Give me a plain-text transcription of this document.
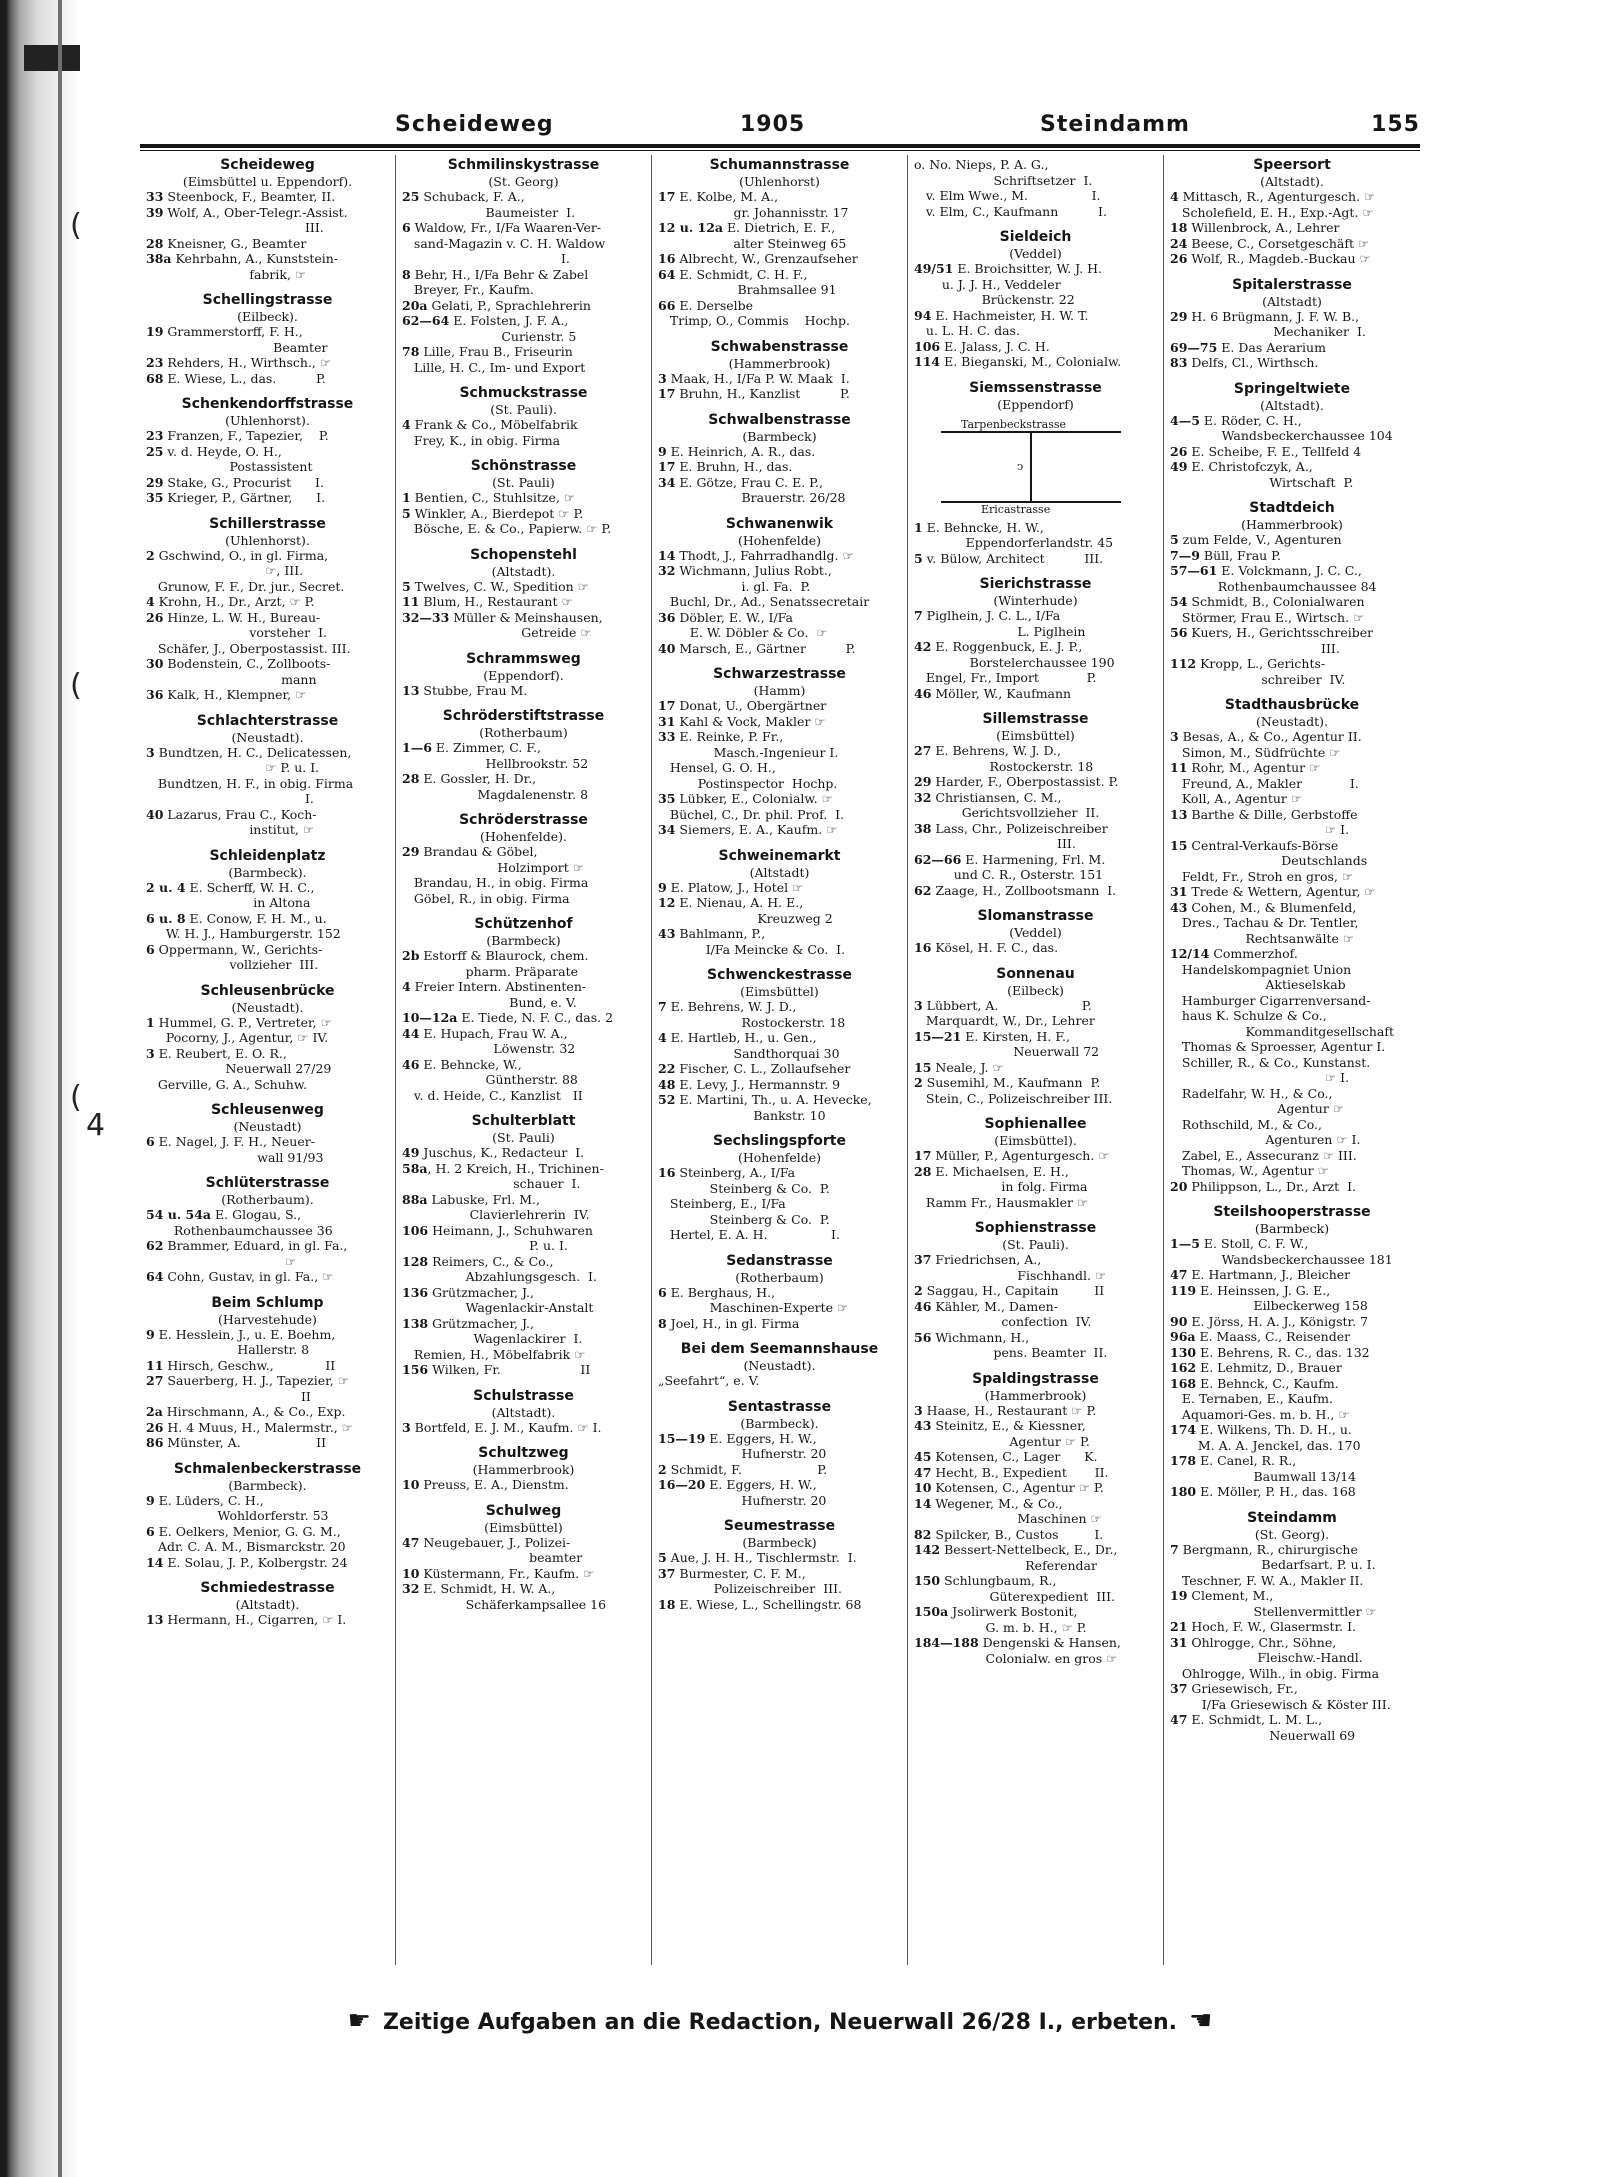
(
(
(
4
Scheideweg	1905	Steindamm	155
Scheideweg
(Eimsbüttel u. Eppendorf).
33 Steenbock, F., Beamter, II.
39 Wolf, A., Ober-Telegr.-Assist.
III.
28 Kneisner, G., Beamter
38a Kehrbahn, A., Kunststein-
fabrik, ☞
Schellingstrasse
(Eilbeck).
19 Grammerstorff, F. H.,
Beamter
23 Rehders, H., Wirthsch., ☞
68 E. Wiese, L., das.          P.
Schenkendorffstrasse
(Uhlenhorst).
23 Franzen, F., Tapezier,    P.
25 v. d. Heyde, O. H.,
Postassistent
29 Stake, G., Procurist      I.
35 Krieger, P., Gärtner,      I.
Schillerstrasse
(Uhlenhorst).
2 Gschwind, O., in gl. Firma,
☞, III.
Grunow, F. F., Dr. jur., Secret.
4 Krohn, H., Dr., Arzt, ☞ P.
26 Hinze, L. W. H., Bureau-
vorsteher  I.
Schäfer, J., Oberpostassist. III.
30 Bodenstein, C., Zollboots-
mann
36 Kalk, H., Klempner, ☞
Schlachterstrasse
(Neustadt).
3 Bundtzen, H. C., Delicatessen,
☞ P. u. I.
Bundtzen, H. F., in obig. Firma
I.
40 Lazarus, Frau C., Koch-
institut, ☞
Schleidenplatz
(Barmbeck).
2 u. 4 E. Scherff, W. H. C.,
in Altona
6 u. 8 E. Conow, F. H. M., u.
W. H. J., Hamburgerstr. 152
6 Oppermann, W., Gerichts-
vollzieher  III.
Schleusenbrücke
(Neustadt).
1 Hummel, G. P., Vertreter, ☞
Pocorny, J., Agentur, ☞ IV.
3 E. Reubert, E. O. R.,
Neuerwall 27/29
Gerville, G. A., Schuhw.
Schleusenweg
(Neustadt)
6 E. Nagel, J. F. H., Neuer-
wall 91/93
Schlüterstrasse
(Rotherbaum).
54 u. 54a E. Glogau, S.,
Rothenbaumchaussee 36
62 Brammer, Eduard, in gl. Fa.,
☞
64 Cohn, Gustav, in gl. Fa., ☞
Beim Schlump
(Harvestehude)
9 E. Hesslein, J., u. E. Boehm,
Hallerstr. 8
11 Hirsch, Geschw.,             II
27 Sauerberg, H. J., Tapezier, ☞
II
2a Hirschmann, A., & Co., Exp.
26 H. 4 Muus, H., Malermstr., ☞
86 Münster, A.                   II
Schmalenbeckerstrasse
(Barmbeck).
9 E. Lüders, C. H.,
Wohldorferstr. 53
6 E. Oelkers, Menior, G. G. M.,
Adr. C. A. M., Bismarckstr. 20
14 E. Solau, J. P., Kolbergstr. 24
Schmiedestrasse
(Altstadt).
13 Hermann, H., Cigarren, ☞ I.
Schmilinskystrasse
(St. Georg)
25 Schuback, F. A.,
Baumeister  I.
6 Waldow, Fr., I/Fa Waaren-Ver-
sand-Magazin v. C. H. Waldow
I.
8 Behr, H., I/Fa Behr & Zabel
Breyer, Fr., Kaufm.
20a Gelati, P., Sprachlehrerin
62—64 E. Folsten, J. F. A.,
Curienstr. 5
78 Lille, Frau B., Friseurin
Lille, H. C., Im- und Export
Schmuckstrasse
(St. Pauli).
4 Frank & Co., Möbelfabrik
Frey, K., in obig. Firma
Schönstrasse
(St. Pauli)
1 Bentien, C., Stuhlsitze, ☞
5 Winkler, A., Bierdepot ☞ P.
Bösche, E. & Co., Papierw. ☞ P.
Schopenstehl
(Altstadt).
5 Twelves, C. W., Spedition ☞
11 Blum, H., Restaurant ☞
32—33 Müller & Meinshausen,
Getreide ☞
Schrammsweg
(Eppendorf).
13 Stubbe, Frau M.
Schröderstiftstrasse
(Rotherbaum)
1—6 E. Zimmer, C. F.,
Hellbrookstr. 52
28 E. Gossler, H. Dr.,
Magdalenenstr. 8
Schröderstrasse
(Hohenfelde).
29 Brandau & Göbel,
Holzimport ☞
Brandau, H., in obig. Firma
Göbel, R., in obig. Firma
Schützenhof
(Barmbeck)
2b Estorff & Blaurock, chem.
pharm. Präparate
4 Freier Intern. Abstinenten-
Bund, e. V.
10—12a E. Tiede, N. F. C., das. 2
44 E. Hupach, Frau W. A.,
Löwenstr. 32
46 E. Behncke, W.,
Güntherstr. 88
v. d. Heide, C., Kanzlist   II
Schulterblatt
(St. Pauli)
49 Juschus, K., Redacteur  I.
58a, H. 2 Kreich, H., Trichinen-
schauer  I.
88a Labuske, Frl. M.,
Clavierlehrerin  IV.
106 Heimann, J., Schuhwaren
P. u. I.
128 Reimers, C., & Co.,
Abzahlungsgesch.  I.
136 Grützmacher, J.,
Wagenlackir-Anstalt
138 Grützmacher, J.,
Wagenlackirer  I.
Remien, H., Möbelfabrik ☞
156 Wilken, Fr.                    II
Schulstrasse
(Altstadt).
3 Bortfeld, E. J. M., Kaufm. ☞ I.
Schultzweg
(Hammerbrook)
10 Preuss, E. A., Dienstm.
Schulweg
(Eimsbüttel)
47 Neugebauer, J., Polizei-
beamter
10 Küstermann, Fr., Kaufm. ☞
32 E. Schmidt, H. W. A.,
Schäferkampsallee 16
Schumannstrasse
(Uhlenhorst)
17 E. Kolbe, M. A.,
gr. Johannisstr. 17
12 u. 12a E. Dietrich, E. F.,
alter Steinweg 65
16 Albrecht, W., Grenzaufseher
64 E. Schmidt, C. H. F.,
Brahmsallee 91
66 E. Derselbe
Trimp, O., Commis    Hochp.
Schwabenstrasse
(Hammerbrook)
3 Maak, H., I/Fa P. W. Maak  I.
17 Bruhn, H., Kanzlist          P.
Schwalbenstrasse
(Barmbeck)
9 E. Heinrich, A. R., das.
17 E. Bruhn, H., das.
34 E. Götze, Frau C. E. P.,
Brauerstr. 26/28
Schwanenwik
(Hohenfelde)
14 Thodt, J., Fahrradhandlg. ☞
32 Wichmann, Julius Robt.,
i. gl. Fa.  P.
Buchl, Dr., Ad., Senatssecretair
36 Döbler, E. W., I/Fa
E. W. Döbler & Co.  ☞
40 Marsch, E., Gärtner          P.
Schwarzestrasse
(Hamm)
17 Donat, U., Obergärtner
31 Kahl & Vock, Makler ☞
33 E. Reinke, P. Fr.,
Masch.-Ingenieur I.
Hensel, G. O. H.,
Postinspector  Hochp.
35 Lübker, E., Colonialw. ☞
Büchel, C., Dr. phil. Prof.  I.
34 Siemers, E. A., Kaufm. ☞
Schweinemarkt
(Altstadt)
9 E. Platow, J., Hotel ☞
12 E. Nienau, A. H. E.,
Kreuzweg 2
43 Bahlmann, P.,
I/Fa Meincke & Co.  I.
Schwenckestrasse
(Eimsbüttel)
7 E. Behrens, W. J. D.,
Rostockerstr. 18
4 E. Hartleb, H., u. Gen.,
Sandthorquai 30
22 Fischer, C. L., Zollaufseher
48 E. Levy, J., Hermannstr. 9
52 E. Martini, Th., u. A. Hevecke,
Bankstr. 10
Sechslingspforte
(Hohenfelde)
16 Steinberg, A., I/Fa
Steinberg & Co.  P.
Steinberg, E., I/Fa
Steinberg & Co.  P.
Hertel, E. A. H.                I.
Sedanstrasse
(Rotherbaum)
6 E. Berghaus, H.,
Maschinen-Experte ☞
8 Joel, H., in gl. Firma
Bei dem Seemannshause
(Neustadt).
„Seefahrt“, e. V.
Sentastrasse
(Barmbeck).
15—19 E. Eggers, H. W.,
Hufnerstr. 20
2 Schmidt, F.                   P.
16—20 E. Eggers, H. W.,
Hufnerstr. 20
Seumestrasse
(Barmbeck)
5 Aue, J. H. H., Tischlermstr.  I.
37 Burmester, C. F. M.,
Polizeischreiber  III.
18 E. Wiese, L., Schellingstr. 68
o. No. Nieps, P. A. G.,
Schriftsetzer  I.
v. Elm Wwe., M.                I.
v. Elm, C., Kaufmann          I.
Sieldeich
(Veddel)
49/51 E. Broichsitter, W. J. H.
u. J. J. H., Veddeler
Brückenstr. 22
94 E. Hachmeister, H. W. T.
u. L. H. C. das.
106 E. Jalass, J. C. H.
114 E. Bieganski, M., Colonialw.
Siemssenstrasse
(Eppendorf)
Tarpenbeckstrasse
ↄ
Ericastrasse
1 E. Behncke, H. W.,
Eppendorferlandstr. 45
5 v. Bülow, Architect          III.
Sierichstrasse
(Winterhude)
7 Piglhein, J. C. L., I/Fa
L. Piglhein
42 E. Roggenbuck, E. J. P.,
Borstelerchaussee 190
Engel, Fr., Import            P.
46 Möller, W., Kaufmann
Sillemstrasse
(Eimsbüttel)
27 E. Behrens, W. J. D.,
Rostockerstr. 18
29 Harder, F., Oberpostassist. P.
32 Christiansen, C. M.,
Gerichtsvollzieher  II.
38 Lass, Chr., Polizeischreiber
III.
62—66 E. Harmening, Frl. M.
und C. R., Osterstr. 151
62 Zaage, H., Zollbootsmann  I.
Slomanstrasse
(Veddel)
16 Kösel, H. F. C., das.
Sonnenau
(Eilbeck)
3 Lübbert, A.                     P.
Marquardt, W., Dr., Lehrer
15—21 E. Kirsten, H. F.,
Neuerwall 72
15 Neale, J. ☞
2 Susemihl, M., Kaufmann  P.
Stein, C., Polizeischreiber III.
Sophienallee
(Eimsbüttel).
17 Müller, P., Agenturgesch. ☞
28 E. Michaelsen, E. H.,
in folg. Firma
Ramm Fr., Hausmakler ☞
Sophienstrasse
(St. Pauli).
37 Friedrichsen, A.,
Fischhandl. ☞
2 Saggau, H., Capitain         II
46 Kähler, M., Damen-
confection  IV.
56 Wichmann, H.,
pens. Beamter  II.
Spaldingstrasse
(Hammerbrook)
3 Haase, H., Restaurant ☞ P.
43 Steinitz, E., & Kiessner,
Agentur ☞ P.
45 Kotensen, C., Lager      K.
47 Hecht, B., Expedient       II.
10 Kotensen, C., Agentur ☞ P.
14 Wegener, M., & Co.,
Maschinen ☞
82 Spilcker, B., Custos         I.
142 Bessert-Nettelbeck, E., Dr.,
Referendar
150 Schlungbaum, R.,
Güterexpedient  III.
150a Jsolirwerk Bostonit,
G. m. b. H., ☞ P.
184—188 Dengenski & Hansen,
Colonialw. en gros ☞
Speersort
(Altstadt).
4 Mittasch, R., Agenturgesch. ☞
Scholefield, E. H., Exp.-Agt. ☞
18 Willenbrock, A., Lehrer
24 Beese, C., Corsetgeschäft ☞
26 Wolf, R., Magdeb.-Buckau ☞
Spitalerstrasse
(Altstadt)
29 H. 6 Brügmann, J. F. W. B.,
Mechaniker  I.
69—75 E. Das Aerarium
83 Delfs, Cl., Wirthsch.
Springeltwiete
(Altstadt).
4—5 E. Röder, C. H.,
Wandsbeckerchaussee 104
26 E. Scheibe, F. E., Tellfeld 4
49 E. Christofczyk, A.,
Wirtschaft  P.
Stadtdeich
(Hammerbrook)
5 zum Felde, V., Agenturen
7—9 Büll, Frau P.
57—61 E. Volckmann, J. C. C.,
Rothenbaumchaussee 84
54 Schmidt, B., Colonialwaren
Störmer, Frau E., Wirtsch. ☞
56 Kuers, H., Gerichtsschreiber
III.
112 Kropp, L., Gerichts-
schreiber  IV.
Stadthausbrücke
(Neustadt).
3 Besas, A., & Co., Agentur II.
Simon, M., Südfrüchte ☞
11 Rohr, M., Agentur ☞
Freund, A., Makler            I.
Koll, A., Agentur ☞
13 Barthe & Dille, Gerbstoffe
☞ I.
15 Central-Verkaufs-Börse
Deutschlands
Feldt, Fr., Stroh en gros, ☞
31 Trede & Wettern, Agentur, ☞
43 Cohen, M., & Blumenfeld,
Dres., Tachau & Dr. Tentler,
Rechtsanwälte ☞
12/14 Commerzhof.
Handelskompagniet Union
Aktieselskab
Hamburger Cigarrenversand-
haus K. Schulze & Co.,
Kommanditgesellschaft
Thomas & Sproesser, Agentur I.
Schiller, R., & Co., Kunstanst.
☞ I.
Radelfahr, W. H., & Co.,
Agentur ☞
Rothschild, M., & Co.,
Agenturen ☞ I.
Zabel, E., Assecuranz ☞ III.
Thomas, W., Agentur ☞
20 Philippson, L., Dr., Arzt  I.
Steilshooperstrasse
(Barmbeck)
1—5 E. Stoll, C. F. W.,
Wandsbeckerchaussee 181
47 E. Hartmann, J., Bleicher
119 E. Heinssen, J. G. E.,
Eilbeckerweg 158
90 E. Jörss, H. A. J., Königstr. 7
96a E. Maass, C., Reisender
130 E. Behrens, R. C., das. 132
162 E. Lehmitz, D., Brauer
168 E. Behnck, C., Kaufm.
E. Ternaben, E., Kaufm.
Aquamori-Ges. m. b. H., ☞
174 E. Wilkens, Th. D. H., u.
M. A. A. Jenckel, das. 170
178 E. Canel, R. R.,
Baumwall 13/14
180 E. Möller, P. H., das. 168
Steindamm
(St. Georg).
7 Bergmann, R., chirurgische
Bedarfsart. P. u. I.
Teschner, F. W. A., Makler II.
19 Clement, M.,
Stellenvermittler ☞
21 Hoch, F. W., Glasermstr. I.
31 Ohlrogge, Chr., Söhne,
Fleischw.-Handl.
Ohlrogge, Wilh., in obig. Firma
37 Griesewisch, Fr.,
I/Fa Griesewisch & Köster III.
47 E. Schmidt, L. M. L.,
Neuerwall 69
☛ Zeitige Aufgaben an die Redaction, Neuerwall 26/28 I., erbeten. ☚
